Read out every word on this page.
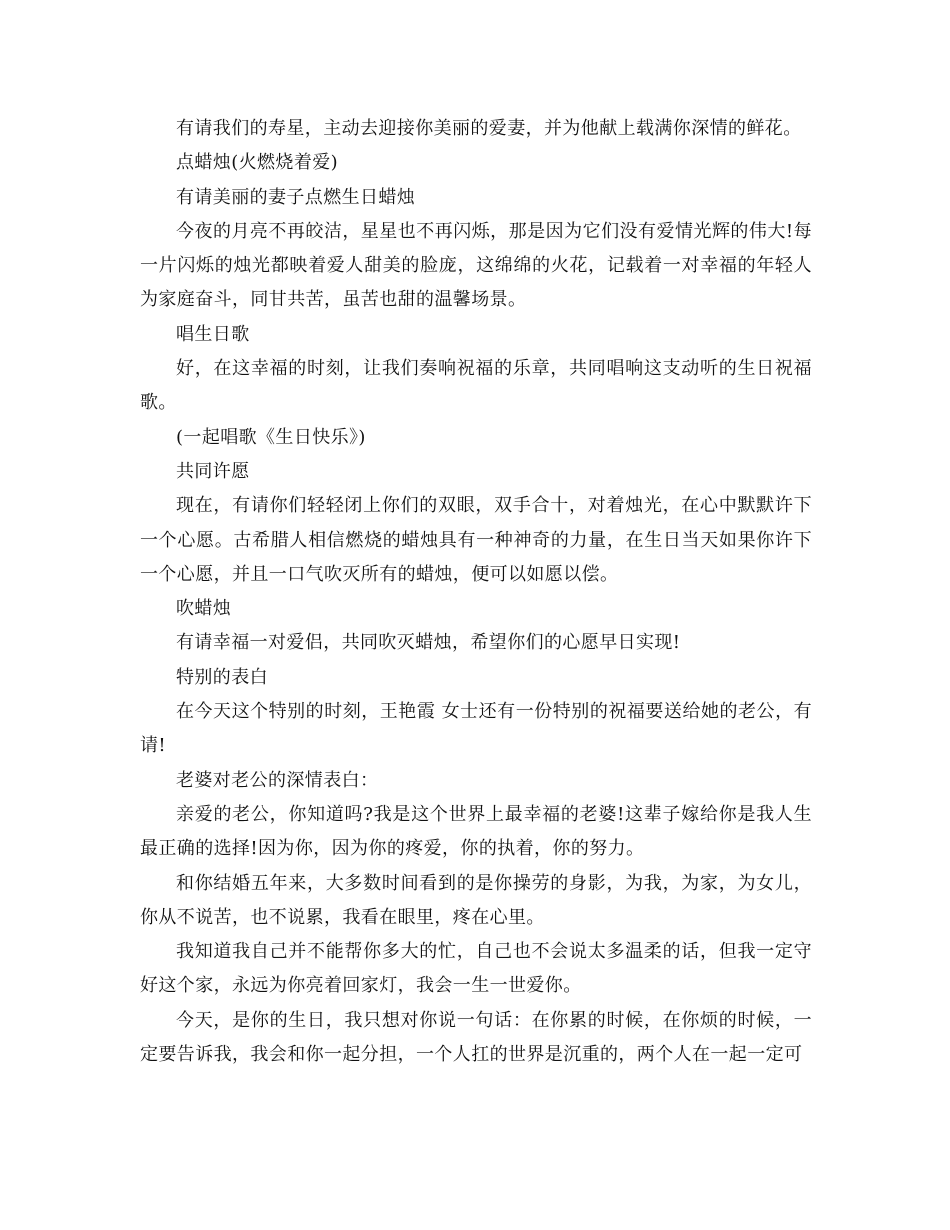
有请我们的寿星，主动去迎接你美丽的爱妻，并为他献上载满你深情的鲜花。

点蜡烛(火燃烧着爱)

有请美丽的妻子点燃生日蜡烛

今夜的月亮不再皎洁，星星也不再闪烁，那是因为它们没有爱情光辉的伟大!每一片闪烁的烛光都映着爱人甜美的脸庞，这绵绵的火花，记载着一对幸福的年轻人为家庭奋斗，同甘共苦，虽苦也甜的温馨场景。

唱生日歌

好，在这幸福的时刻，让我们奏响祝福的乐章，共同唱响这支动听的生日祝福歌。

(一起唱歌《生日快乐》)

共同许愿

现在，有请你们轻轻闭上你们的双眼，双手合十，对着烛光，在心中默默许下一个心愿。古希腊人相信燃烧的蜡烛具有一种神奇的力量，在生日当天如果你许下一个心愿，并且一口气吹灭所有的蜡烛，便可以如愿以偿。

吹蜡烛

有请幸福一对爱侣，共同吹灭蜡烛，希望你们的心愿早日实现!

特别的表白

在今天这个特别的时刻，王艳霞 女士还有一份特别的祝福要送给她的老公，有请!

老婆对老公的深情表白：

亲爱的老公，你知道吗?我是这个世界上最幸福的老婆!这辈子嫁给你是我人生最正确的选择!因为你，因为你的疼爱，你的执着，你的努力。

和你结婚五年来，大多数时间看到的是你操劳的身影，为我，为家，为女儿，你从不说苦，也不说累，我看在眼里，疼在心里。

我知道我自己并不能帮你多大的忙，自己也不会说太多温柔的话，但我一定守好这个家，永远为你亮着回家灯，我会一生一世爱你。

今天，是你的生日，我只想对你说一句话：在你累的时候，在你烦的时候，一定要告诉我，我会和你一起分担，一个人扛的世界是沉重的，两个人在一起一定可
